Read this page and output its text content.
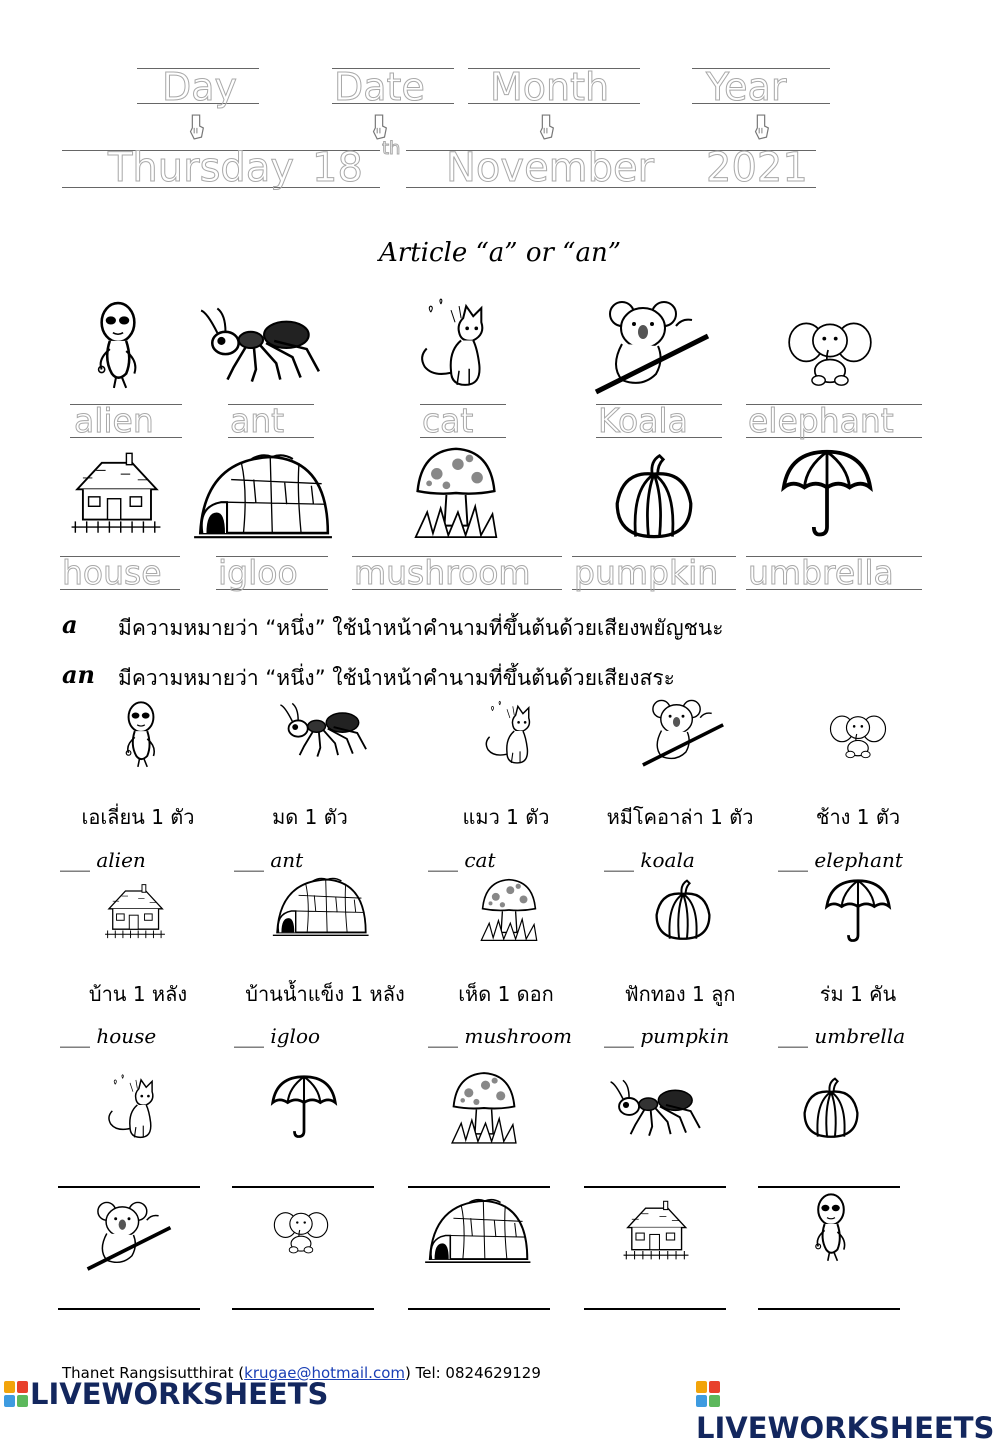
Day	Date Month	Year
Thursday 18 th November 2021
Article “a” or “an”
alien ant	cat	Koala elephant
house igloo mushroom pumpkin umbrella
a มีความหมายว่า “หนึ่ง” ใช้นำหน้าคำนามที่ขึ้นต้นด้วยเสียงพยัญชนะ
an มีความหมายว่า “หนึ่ง” ใช้นำหน้าคำนามที่ขึ้นต้นด้วยเสียงสระ
เอเลี่ยน 1 ตัว	มด 1 ตัว	แมว 1 ตัว	หมีโคอาล่า 1 ตัว	ช้าง 1 ตัว
___ alien	___ ant	___ cat	___ koala	___ elephant
บ้าน 1 หลัง	บ้านน้ำแข็ง 1 หลัง	เห็ด 1 ดอก	ฟักทอง 1 ลูก	ร่ม 1 คัน
___ house	___ igloo	___ mushroom ___ pumpkin ___ umbrella
Thanet Rangsisutthirat (krugae@hotmail.com) Tel: 0824629129
LIVEWORKSHEETS
LIVEWORKSHEETS
